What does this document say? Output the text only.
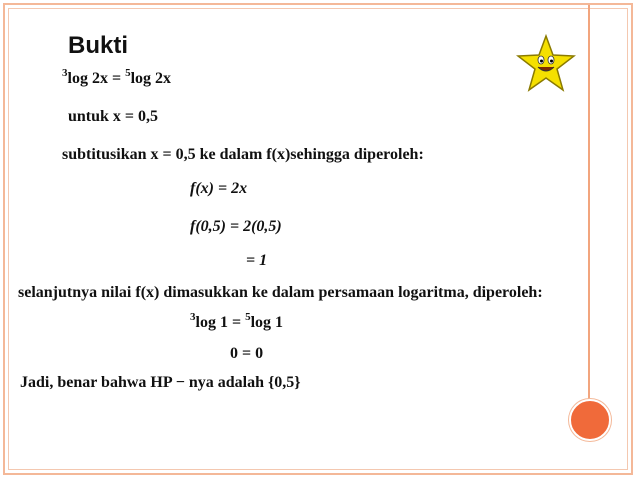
Bukti
$^3$log 2x = $^5$log 2x
untuk x = 0,5
subtitusikan x = 0,5 ke dalam f(x)sehingga diperoleh:
f(x) = 2x
f(0,5) = 2(0,5)
= 1
selanjutnya nilai f(x) dimasukkan ke dalam persamaan logaritma, diperoleh:
$^3$log 1 = $^5$log 1
0 = 0
Jadi, benar bahwa HP − nya adalah {0,5}
